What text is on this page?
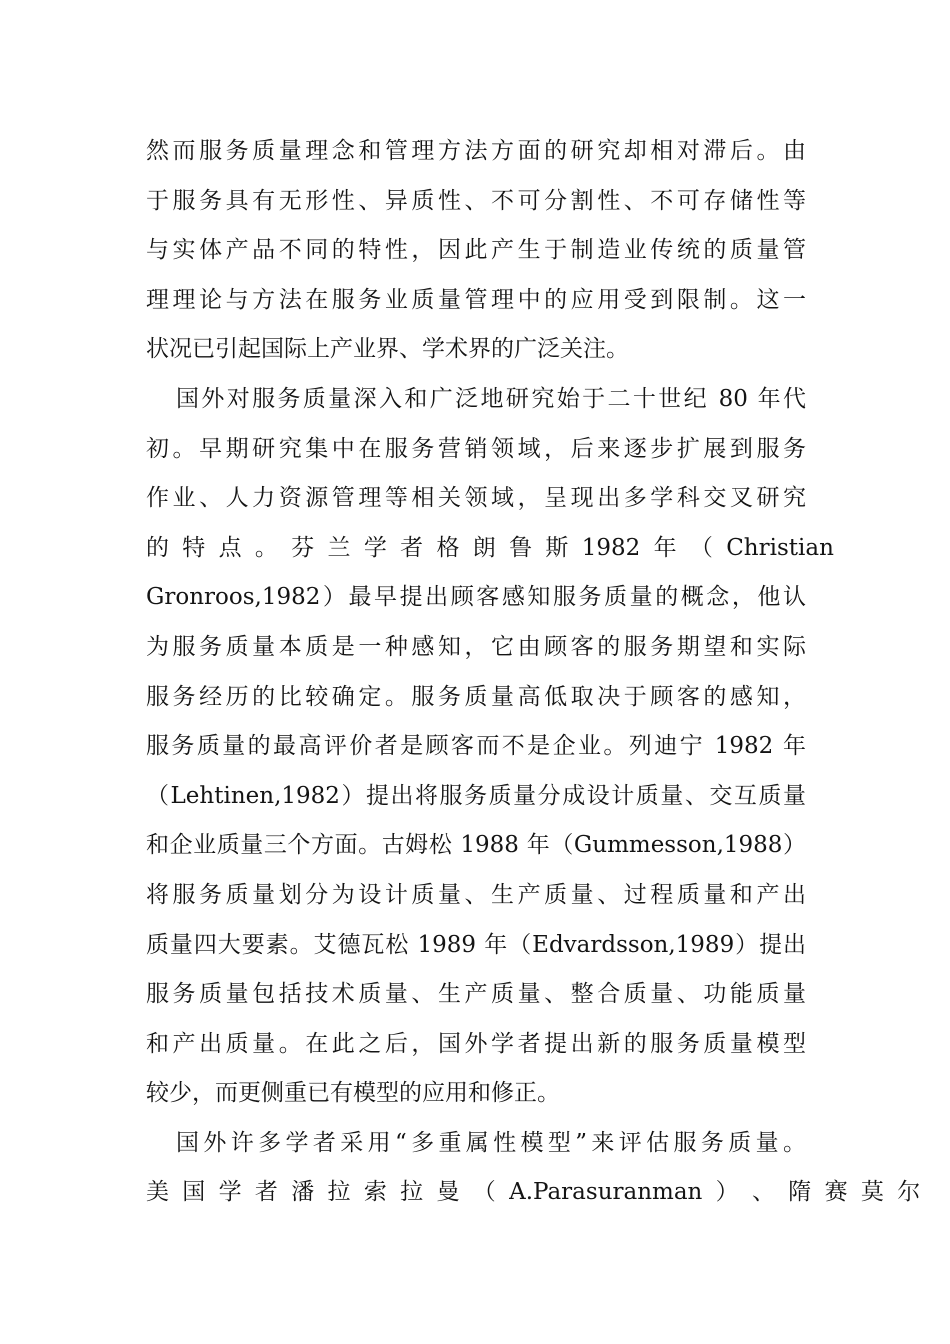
然而服务质量理念和管理方法方面的研究却相对滞后。由
于服务具有无形性、异质性、不可分割性、不可存储性等
与实体产品不同的特性，因此产生于制造业传统的质量管
理理论与方法在服务业质量管理中的应用受到限制。这一
状况已引起国际上产业界、学术界的广泛关注。
国外对服务质量深入和广泛地研究始于二十世纪 80 年代
初。早期研究集中在服务营销领域，后来逐步扩展到服务
作业、人力资源管理等相关领域，呈现出多学科交叉研究
的 特 点 。 芬 兰 学 者 格 朗 鲁 斯 1982 年 （ Christian
Gronroos,1982）最早提出顾客感知服务质量的概念，他认
为服务质量本质是一种感知，它由顾客的服务期望和实际
服务经历的比较确定。服务质量高低取决于顾客的感知，
服务质量的最高评价者是顾客而不是企业。列迪宁 1982 年
（Lehtinen,1982）提出将服务质量分成设计质量、交互质量
和企业质量三个方面。古姆松 1988 年（Gummesson,1988）
将服务质量划分为设计质量、生产质量、过程质量和产出
质量四大要素。艾德瓦松 1989 年（Edvardsson,1989）提出
服务质量包括技术质量、生产质量、整合质量、功能质量
和产出质量。在此之后，国外学者提出新的服务质量模型
较少，而更侧重已有模型的应用和修正。
国外许多学者采用“多重属性模型”来评估服务质量。
美 国 学 者 潘 拉 索 拉 曼 （ A.Parasuranman ） 、 隋 赛 莫 尔
